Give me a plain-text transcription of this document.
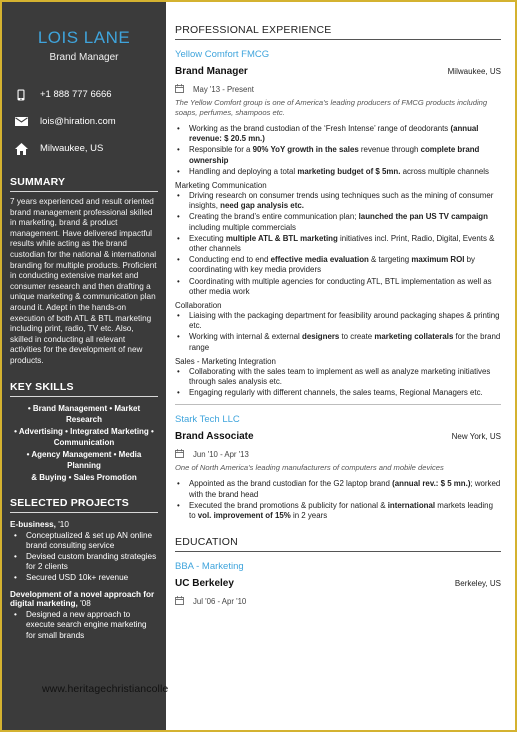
LOIS LANE
Brand Manager
+1 888 777 6666
lois@hiration.com
Milwaukee, US
SUMMARY
7 years experienced and result oriented brand management professional skilled in marketing, brand & product management. Have delivered impactful results while acting as the brand custodian for the national & international branding for multiple products. Proficient in conducting extensive market and consumer research and then drafting a unique marketing & communication plan around it. Adept in the hands-on execution of both ATL & BTL marketing including print, radio, TV etc. Also, skilled in conducting all relevant activities for the development of new products.
KEY SKILLS
• Brand Management • Market Research
• Advertising • Integrated Marketing •
Communication
• Agency Management • Media Planning
& Buying • Sales Promotion
SELECTED PROJECTS
E-business, '10
•	Conceptualized & set up AN online brand consulting service
•	Devised custom branding strategies for 2 clients
•	Secured USD 10k+ revenue
Development of a novel approach for digital marketing, '08
•	Designed a new approach to execute search engine marketing for small brands
PROFESSIONAL EXPERIENCE
Yellow Comfort FMCG
Brand Manager	Milwaukee, US
May '13 - Present
The Yellow Comfort group is one of America's leading producers of FMCG products including soaps, perfumes, shampoos etc.
•	Working as the brand custodian of the ‘Fresh Intense’ range of deodorants (annual revenue: $ 20.5 mn.)
•	Responsible for a 90% YoY growth in the sales revenue through complete brand ownership
•	Handling and deploying a total marketing budget of $ 5mn. across multiple channels
Marketing Communication
•	Driving research on consumer trends using techniques such as the mining of consumer insights, need gap analysis etc.
•	Creating the brand’s entire communication plan; launched the pan US TV campaign including multiple commercials
•	Executing multiple ATL & BTL marketing initiatives incl. Print, Radio, Digital, Events & other channels
•	Conducting end to end effective media evaluation & targeting maximum ROI by coordinating with key media providers
•	Coordinating with multiple agencies for conducting ATL, BTL implementation as well as other media work
Collaboration
•	Liaising with the packaging department for feasibility around packaging shapes & printing etc.
•	Working with internal & external designers to create marketing collaterals for the brand range
Sales - Marketing Integration
•	Collaborating with the sales team to implement as well as analyze marketing initiatives through sales analysis etc.
•	Engaging regularly with different channels, the sales teams, Regional Managers etc.
Stark Tech LLC
Brand Associate	New York, US
Jun '10 - Apr '13
One of North America's leading manufacturers of computers and mobile devices
•	Appointed as the brand custodian for the G2 laptop brand (annual rev.: $ 5 mn.); worked with the brand head
•	Executed the brand promotions & publicity for national & international markets leading to vol. improvement of 15% in 2 years
EDUCATION
BBA - Marketing
UC Berkeley	Berkeley, US
Jul '06 - Apr '10
www.heritagechristiancolle
